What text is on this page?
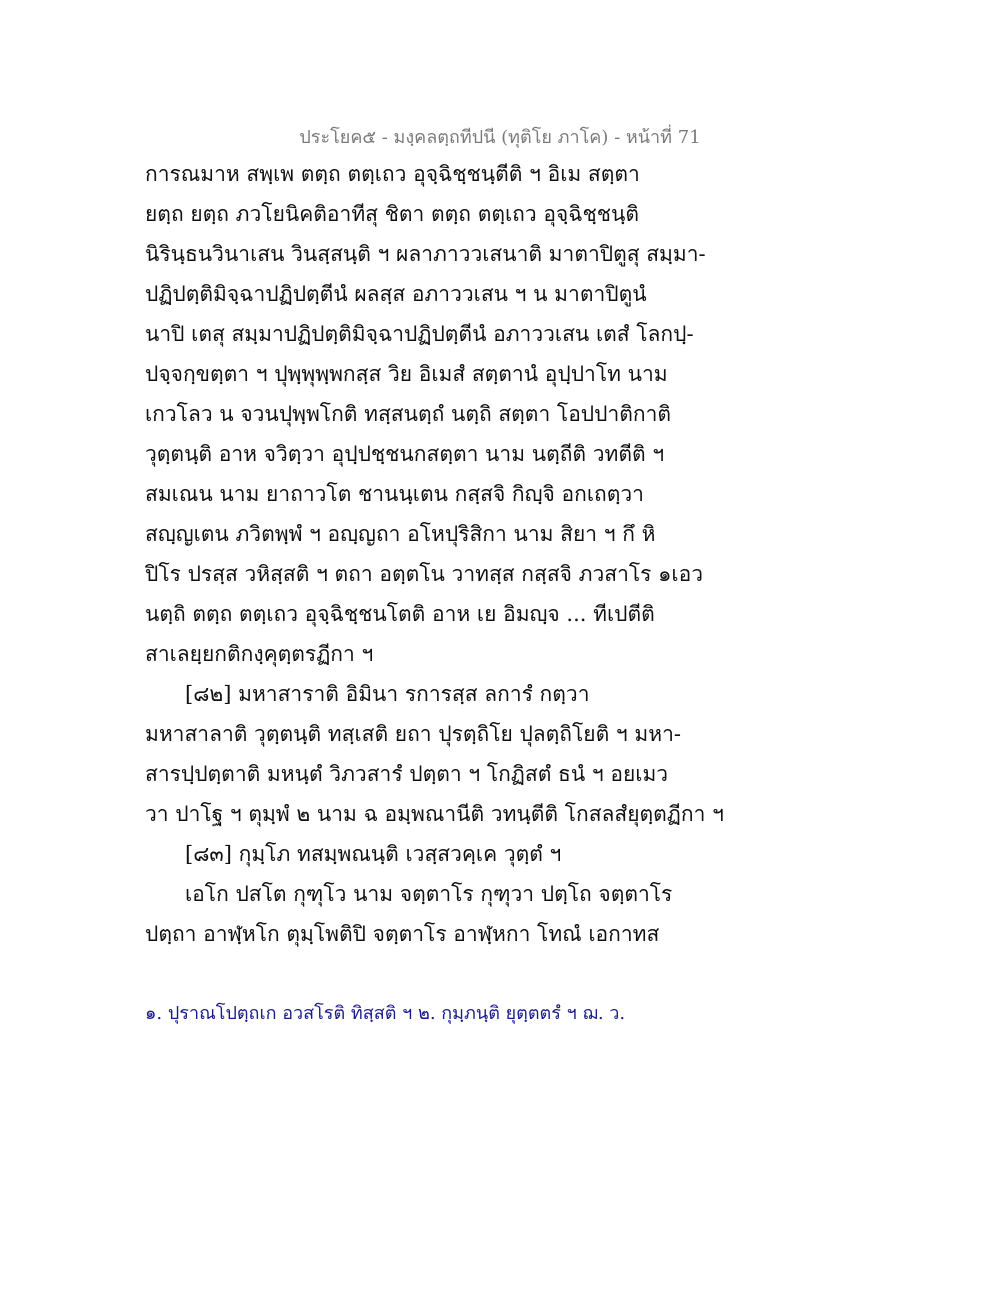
ประโยค๕ - มงฺคลตฺถทีปนี (ทุติโย ภาโค) - หน้าที่ 71
การณมาห สพฺเพ ตตฺถ ตตฺเถว อุจฺฉิชฺชนฺตีติ ฯ อิเม สตฺตา
ยตฺถ ยตฺถ ภวโยนิคติอาทีสุ ชิตา ตตฺถ ตตฺเถว อุจฺฉิชฺชนฺติ
นิรินฺธนวินาเสน วินสฺสนฺติ ฯ ผลาภาววเสนาติ มาตาปิตูสุ สมฺมา-
ปฏิปตฺติมิจฺฉาปฏิปตฺตีนํ ผลสฺส อภาววเสน ฯ น มาตาปิตูนํ
นาปิ เตสุ สมฺมาปฏิปตฺติมิจฺฉาปฏิปตฺตีนํ อภาววเสน เตสํ โลกปฺ-
ปจฺจกฺขตฺตา ฯ ปุพฺพุพฺพกสฺส วิย อิเมสํ สตฺตานํ อุปฺปาโท นาม
เกวโลว น จวนปุพฺพโกติ ทสฺสนตฺถํ นตฺถิ สตฺตา โอปปาติกาติ
วุตฺตนฺติ อาห จวิตฺวา อุปฺปชฺชนกสตฺตา นาม นตฺถีติ วทตีติ ฯ
สมเณน นาม ยาถาวโต ชานนฺเตน กสฺสจิ กิญฺจิ อกเถตฺวา
สญฺญเตน ภวิตพฺพํ ฯ อญฺญถา อโหปุริสิกา นาม สิยา ฯ กึ หิ
ปิโร ปรสฺส วหิสฺสติ ฯ ตถา อตฺตโน วาทสฺส กสฺสจิ ภวสาโร ๑เอว
นตฺถิ ตตฺถ ตตฺเถว อุจฺฉิชฺชนโตติ อาห เย อิมญฺจ ... ทีเปตีติ
สาเลยฺยกติกงฺคุตฺตรฏีกา ฯ
[๘๒] มหาสาราติ อิมินา รการสฺส ลการํ กตฺวา
มหาสาลาติ วุตฺตนฺติ ทสฺเสติ ยถา ปุรตฺถิโย ปุลตฺถิโยติ ฯ มหา-
สารปฺปตฺตาติ มหนฺตํ วิภวสารํ ปตฺตา ฯ โกฏิสตํ ธนํ ฯ อยเมว
วา ปาโฐ ฯ ตุมฺพํ ๒ นาม ฉ อมฺพณานีติ วทนฺตีติ โกสลสํยุตฺตฏีกา ฯ
[๘๓] กุมฺโภ ทสมฺพณนฺติ เวสฺสวคฺเค วุตฺตํ ฯ
เอโก ปสโต กุฑุโว นาม จตฺตาโร กุฑุวา ปตฺโถ จตฺตาโร
ปตฺถา อาฬฺหโก ตุมฺโพติปิ จตฺตาโร อาฬฺหกา โทณํ เอกาทส
๑. ปุราณโปตฺถเก อวสโรติ ทิสฺสติ ฯ ๒. กุมฺภนฺติ ยุตฺตตรํ ฯ ฌ. ว.
